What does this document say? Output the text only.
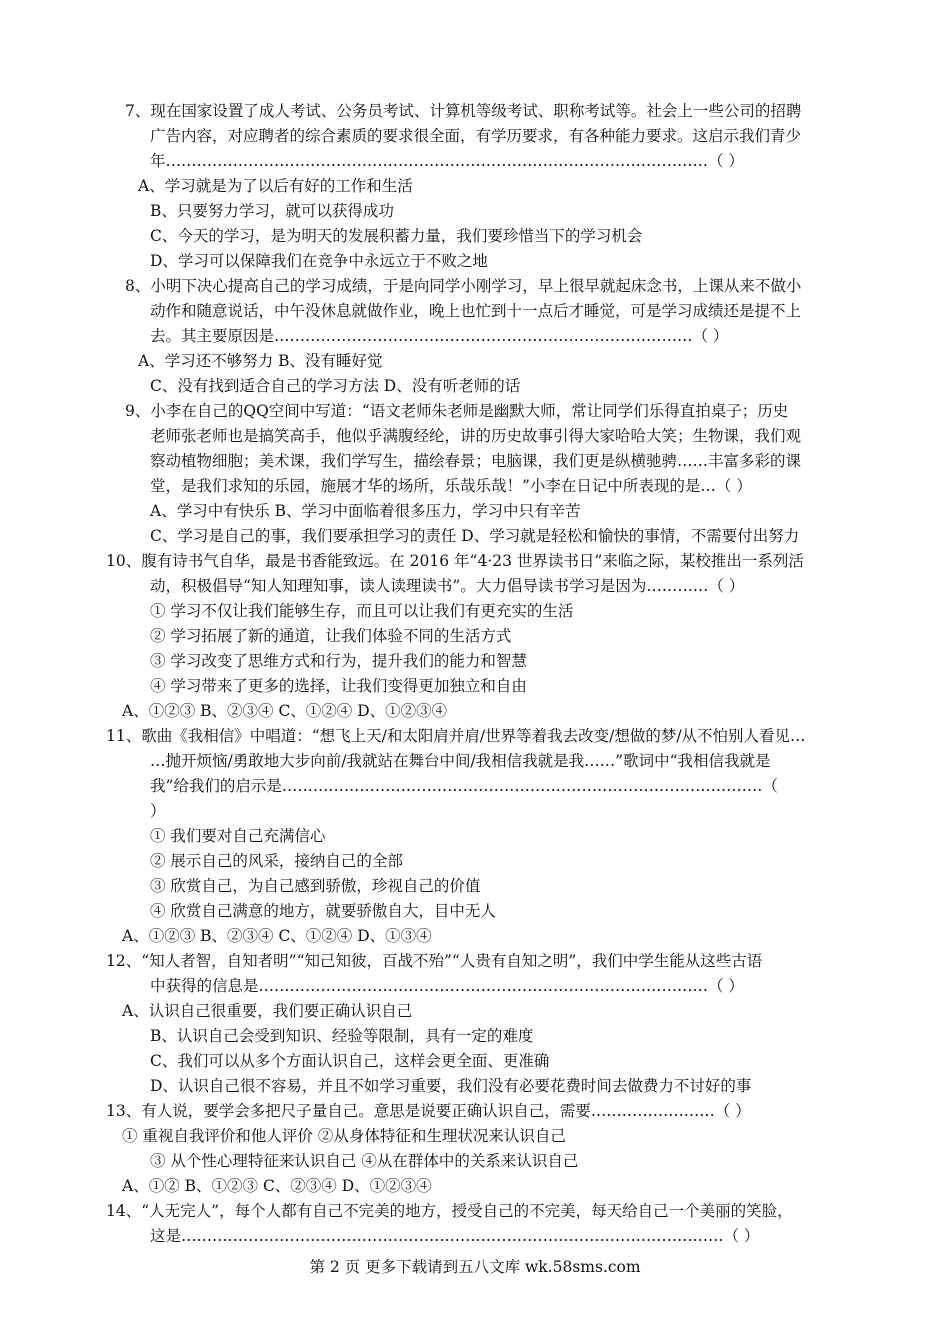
7、现在国家设置了成人考试、公务员考试、计算机等级考试、职称考试等。社会上一些公司的招聘
广告内容，对应聘者的综合素质的要求很全面，有学历要求，有各种能力要求。这启示我们青少
年……………………………………………………………………………………………（ ）
A、学习就是为了以后有好的工作和生活
B、只要努力学习，就可以获得成功
C、今天的学习，是为明天的发展积蓄力量，我们要珍惜当下的学习机会
D、学习可以保障我们在竞争中永远立于不败之地
8、小明下决心提高自己的学习成绩，于是向同学小刚学习，早上很早就起床念书，上课从来不做小
动作和随意说话，中午没休息就做作业，晚上也忙到十一点后才睡觉，可是学习成绩还是提不上
去。其主要原因是………………………………………………………………………（ ）
A、学习还不够努力 B、没有睡好觉
C、没有找到适合自己的学习方法 D、没有听老师的话
9、小李在自己的QQ空间中写道：“语文老师朱老师是幽默大师，常让同学们乐得直拍桌子；历史
老师张老师也是搞笑高手，他似乎满腹经纶，讲的历史故事引得大家哈哈大笑；生物课，我们观
察动植物细胞；美术课，我们学写生，描绘春景；电脑课，我们更是纵横驰骋……丰富多彩的课
堂，是我们求知的乐园，施展才华的场所，乐哉乐哉！”小李在日记中所表现的是…（ ）
A、学习中有快乐 B、学习中面临着很多压力，学习中只有辛苦
C、学习是自己的事，我们要承担学习的责任 D、学习就是轻松和愉快的事情，不需要付出努力
10、腹有诗书气自华，最是书香能致远。在 2016 年“4·23 世界读书日”来临之际，某校推出一系列活
动，积极倡导“知人知理知事，读人读理读书”。大力倡导读书学习是因为…………（ ）
① 学习不仅让我们能够生存，而且可以让我们有更充实的生活
② 学习拓展了新的通道，让我们体验不同的生活方式
③ 学习改变了思维方式和行为，提升我们的能力和智慧
④ 学习带来了更多的选择，让我们变得更加独立和自由
A、①②③ B、②③④ C、①②④ D、①②③④
11、歌曲《我相信》中唱道：“想飞上天/和太阳肩并肩/世界等着我去改变/想做的梦/从不怕别人看见…
…抛开烦恼/勇敢地大步向前/我就站在舞台中间/我相信我就是我……”歌词中“我相信我就是
我”给我们的启示是…………………………………………………………………………………（
）
① 我们要对自己充满信心
② 展示自己的风采，接纳自己的全部
③ 欣赏自己，为自己感到骄傲，珍视自己的价值
④ 欣赏自己满意的地方，就要骄傲自大，目中无人
A、①②③ B、②③④ C、①②④ D、①③④
12、“知人者智，自知者明”“知己知彼，百战不殆”“人贵有自知之明”，我们中学生能从这些古语
中获得的信息是……………………………………………………………………………（ ）
A、认识自己很重要，我们要正确认识自己
B、认识自己会受到知识、经验等限制，具有一定的难度
C、我们可以从多个方面认识自己，这样会更全面、更准确
D、认识自己很不容易，并且不如学习重要，我们没有必要花费时间去做费力不讨好的事
13、有人说，要学会多把尺子量自己。意思是说要正确认识自己，需要……………………（ ）
① 重视自我评价和他人评价 ②从身体特征和生理状况来认识自己
③ 从个性心理特征来认识自己 ④从在群体中的关系来认识自己
A、①② B、①②③ C、②③④ D、①②③④
14、“人无完人”，每个人都有自己不完美的地方，授受自己的不完美，每天给自己一个美丽的笑脸，
这是……………………………………………………………………………………………（ ）
第 2 页 更多下载请到五八文库 wk.58sms.com
